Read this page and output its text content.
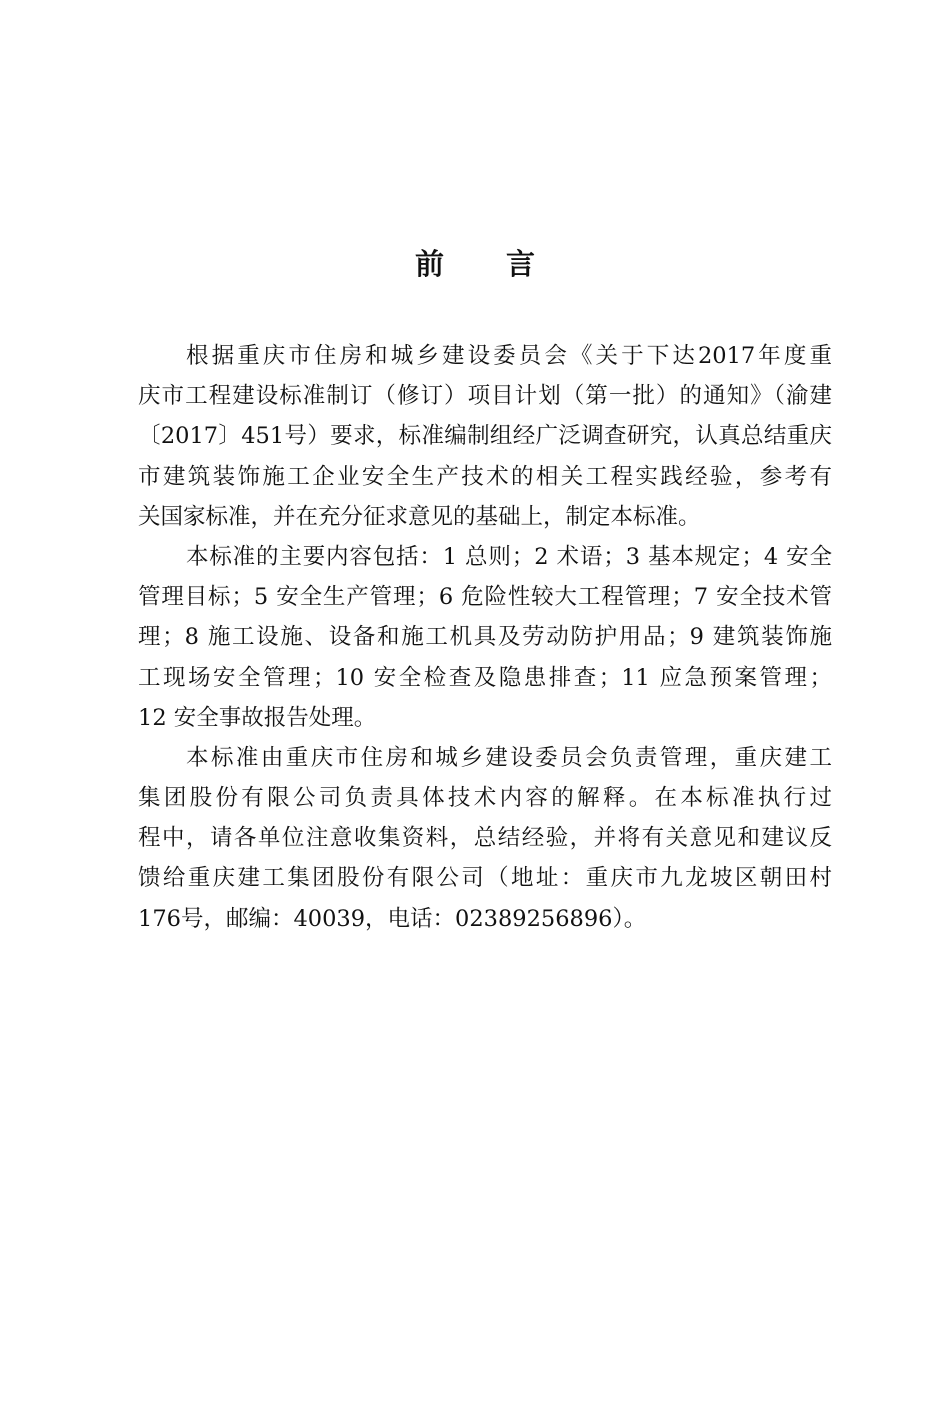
前 言
根据重庆市住房和城乡建设委员会《关于下达2017年度重
庆市工程建设标准制订（修订）项目计划（第一批）的通知》（渝建
〔2017〕451号）要求，标准编制组经广泛调查研究，认真总结重庆
市建筑装饰施工企业安全生产技术的相关工程实践经验，参考有
关国家标准，并在充分征求意见的基础上，制定本标准。
本标准的主要内容包括：1 总则；2 术语；3 基本规定；4 安全
管理目标；5 安全生产管理；6 危险性较大工程管理；7 安全技术管
理；8 施工设施、设备和施工机具及劳动防护用品；9 建筑装饰施
工现场安全管理；10 安全检查及隐患排查；11 应急预案管理；
12 安全事故报告处理。
本标准由重庆市住房和城乡建设委员会负责管理，重庆建工
集团股份有限公司负责具体技术内容的解释。在本标准执行过
程中，请各单位注意收集资料，总结经验，并将有关意见和建议反
馈给重庆建工集团股份有限公司（地址：重庆市九龙坡区朝田村
176号，邮编：40039，电话：02389256896）。
